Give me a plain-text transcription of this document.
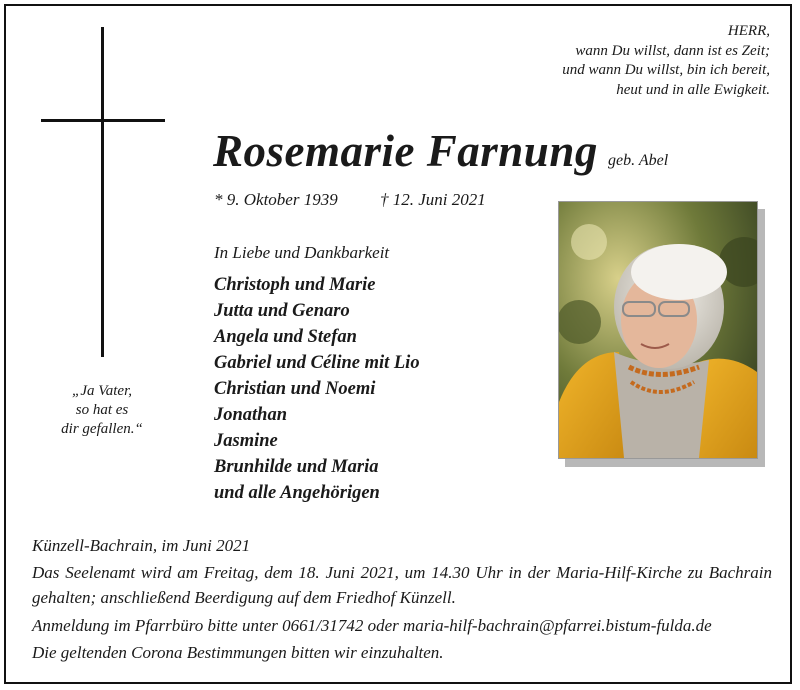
HERR,
wann Du willst, dann ist es Zeit;
und wann Du willst, bin ich bereit,
heut und in alle Ewigkeit.
Rosemarie Farnung geb. Abel
* 9. Oktober 1939 † 12. Juni 2021
In Liebe und Dankbarkeit
Christoph und Marie
Jutta und Genaro
Angela und Stefan
Gabriel und Céline mit Lio
Christian und Noemi
Jonathan
Jasmine
Brunhilde und Maria
und alle Angehörigen
„Ja Vater,
so hat es
dir gefallen.“

Künzell-Bachrain, im Juni 2021

Das Seelenamt wird am Freitag, dem 18. Juni 2021, um 14.30 Uhr in der Maria-Hilf-Kirche zu Bachrain gehalten; anschließend Beerdigung auf dem Friedhof Künzell.

Anmeldung im Pfarrbüro bitte unter 0661/31742 oder maria-hilf-bachrain@pfarrei.bistum-fulda.de

Die geltenden Corona Bestimmungen bitten wir einzuhalten.
